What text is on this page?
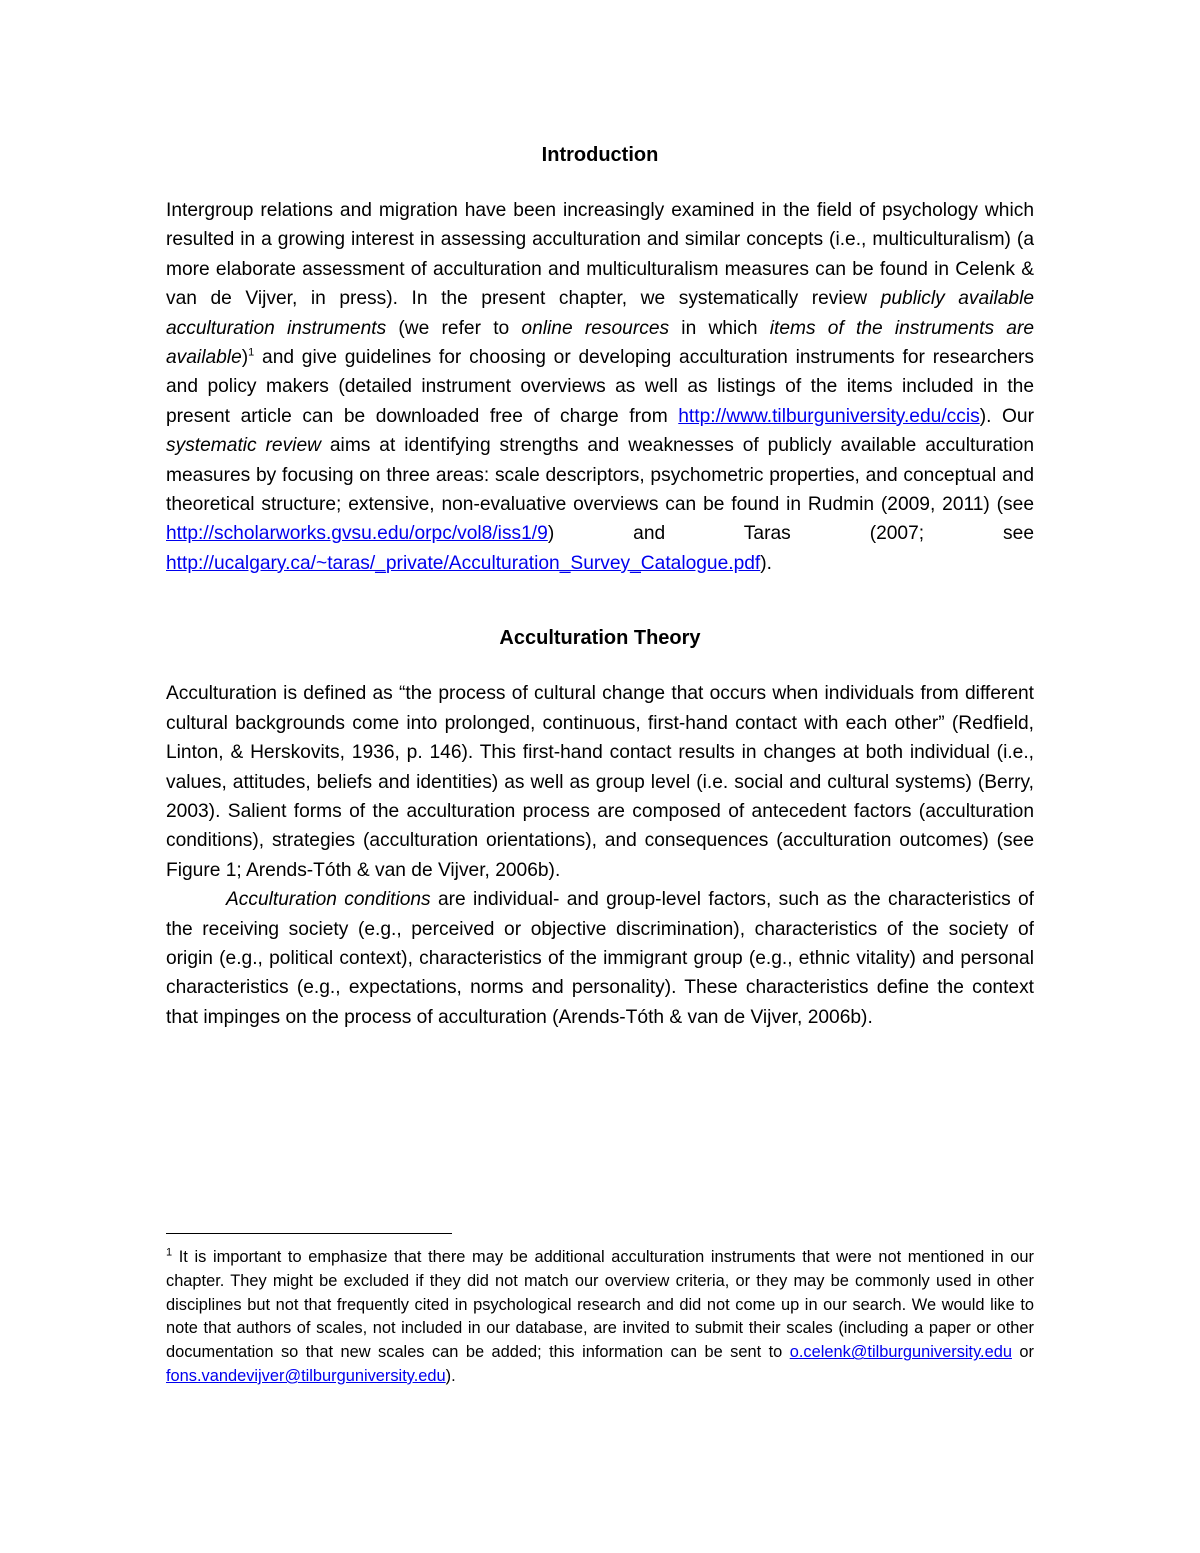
Introduction

Intergroup relations and migration have been increasingly examined in the field of psychology which resulted in a growing interest in assessing acculturation and similar concepts (i.e., multiculturalism) (a more elaborate assessment of acculturation and multiculturalism measures can be found in Celenk & van de Vijver, in press). In the present chapter, we systematically review publicly available acculturation instruments (we refer to online resources in which items of the instruments are available)$^1$ and give guidelines for choosing or developing acculturation instruments for researchers and policy makers (detailed instrument overviews as well as listings of the items included in the present article can be downloaded free of charge from http://www.tilburguniversity.edu/ccis). Our systematic review aims at identifying strengths and weaknesses of publicly available acculturation measures by focusing on three areas: scale descriptors, psychometric properties, and conceptual and theoretical structure; extensive, non-evaluative overviews can be found in Rudmin (2009, 2011) (see http://scholarworks.gvsu.edu/orpc/vol8/iss1/9) and Taras (2007; see http://ucalgary.ca/~taras/_private/Acculturation_Survey_Catalogue.pdf).

Acculturation Theory

Acculturation is defined as “the process of cultural change that occurs when individuals from different cultural backgrounds come into prolonged, continuous, first-hand contact with each other” (Redfield, Linton, & Herskovits, 1936, p. 146). This first-hand contact results in changes at both individual (i.e., values, attitudes, beliefs and identities) as well as group level (i.e. social and cultural systems) (Berry, 2003). Salient forms of the acculturation process are composed of antecedent factors (acculturation conditions), strategies (acculturation orientations), and consequences (acculturation outcomes) (see Figure 1; Arends-Tóth & van de Vijver, 2006b).

Acculturation conditions are individual- and group-level factors, such as the characteristics of the receiving society (e.g., perceived or objective discrimination), characteristics of the society of origin (e.g., political context), characteristics of the immigrant group (e.g., ethnic vitality) and personal characteristics (e.g., expectations, norms and personality). These characteristics define the context that impinges on the process of acculturation (Arends-Tóth & van de Vijver, 2006b).

$^1$ It is important to emphasize that there may be additional acculturation instruments that were not mentioned in our chapter. They might be excluded if they did not match our overview criteria, or they may be commonly used in other disciplines but not that frequently cited in psychological research and did not come up in our search. We would like to note that authors of scales, not included in our database, are invited to submit their scales (including a paper or other documentation so that new scales can be added; this information can be sent to o.celenk@tilburguniversity.edu or fons.vandevijver@tilburguniversity.edu).
